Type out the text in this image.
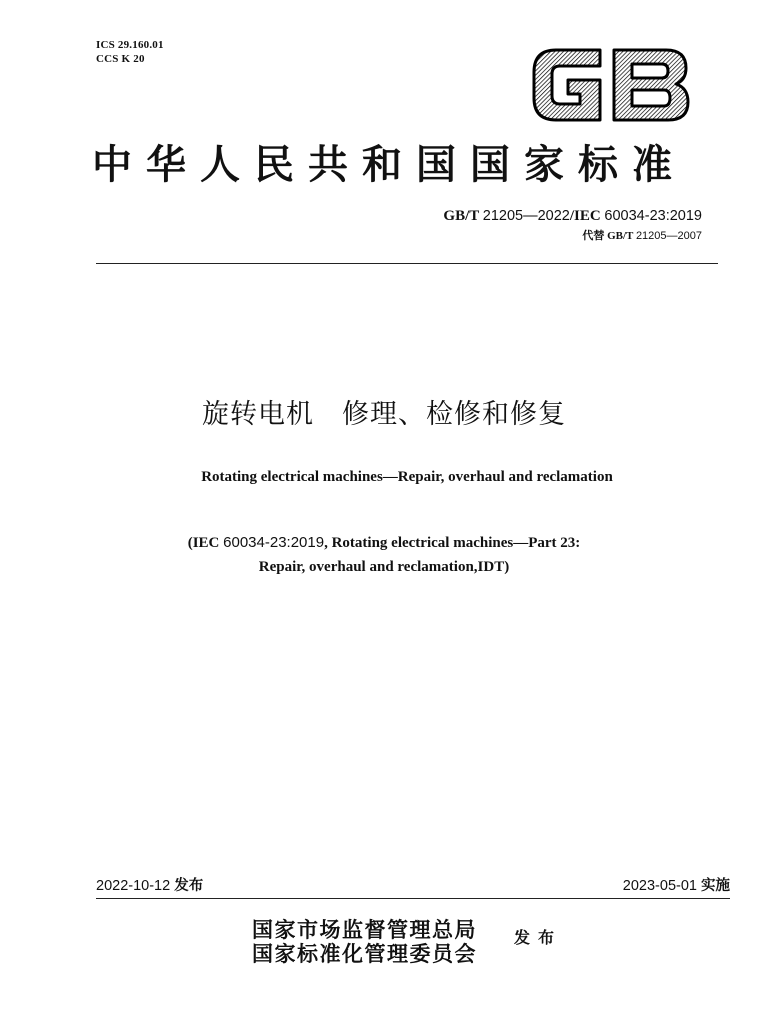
ICS 29.160.01
CCS K 20
中华人民共和国国家标准
GB/T 21205—2022/IEC 60034-23:2019
代替 GB/T 21205—2007
旋转电机　修理、检修和修复
Rotating electrical machines—Repair, overhaul and reclamation
(IEC 60034-23:2019, Rotating electrical machines—Part 23:
Repair, overhaul and reclamation,IDT)
2022-10-12 发布	2023-05-01 实施
国家市场监督管理总局
国家标准化管理委员会
发布
